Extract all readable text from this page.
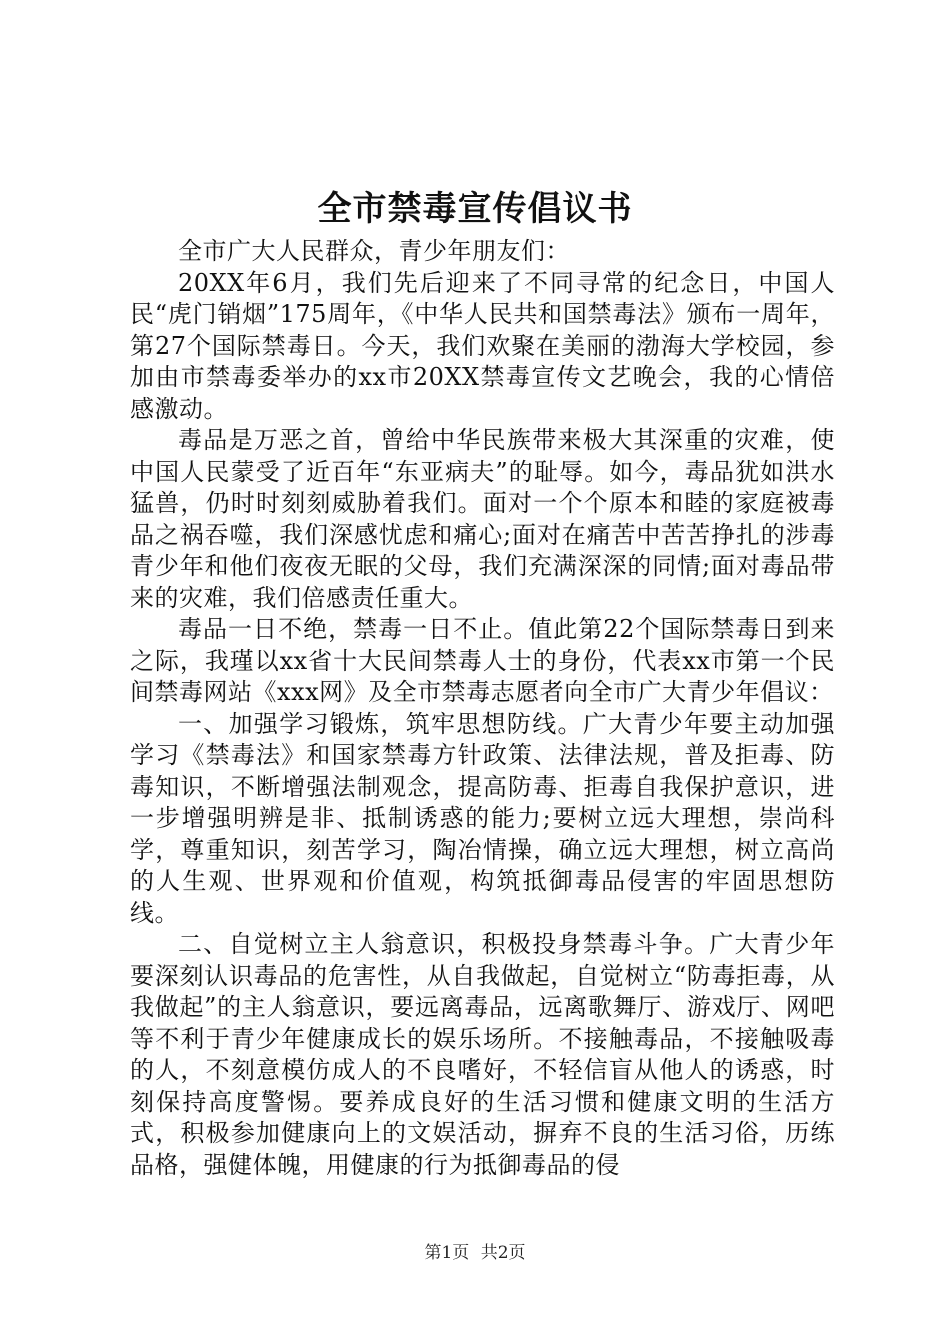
全市禁毒宣传倡议书

全市广大人民群众，青少年朋友们：

20XX年6月，我们先后迎来了不同寻常的纪念日，中国人民“虎门销烟”175周年，《中华人民共和国禁毒法》颁布一周年，第27个国际禁毒日。今天，我们欢聚在美丽的渤海大学校园，参加由市禁毒委举办的xx市20XX禁毒宣传文艺晚会，我的心情倍感激动。

毒品是万恶之首，曾给中华民族带来极大其深重的灾难，使中国人民蒙受了近百年“东亚病夫”的耻辱。如今，毒品犹如洪水猛兽，仍时时刻刻威胁着我们。面对一个个原本和睦的家庭被毒品之祸吞噬，我们深感忧虑和痛心;面对在痛苦中苦苦挣扎的涉毒青少年和他们夜夜无眠的父母，我们充满深深的同情;面对毒品带来的灾难，我们倍感责任重大。

毒品一日不绝，禁毒一日不止。值此第22个国际禁毒日到来之际，我瑾以xx省十大民间禁毒人士的身份，代表xx市第一个民间禁毒网站《xxx网》及全市禁毒志愿者向全市广大青少年倡议：

一、加强学习锻炼，筑牢思想防线。广大青少年要主动加强学习《禁毒法》和国家禁毒方针政策、法律法规，普及拒毒、防毒知识，不断增强法制观念，提高防毒、拒毒自我保护意识，进一步增强明辨是非、抵制诱惑的能力;要树立远大理想，崇尚科学，尊重知识，刻苦学习，陶冶情操，确立远大理想，树立高尚的人生观、世界观和价值观，构筑抵御毒品侵害的牢固思想防线。

二、自觉树立主人翁意识，积极投身禁毒斗争。广大青少年要深刻认识毒品的危害性，从自我做起，自觉树立“防毒拒毒，从我做起”的主人翁意识，要远离毒品，远离歌舞厅、游戏厅、网吧等不利于青少年健康成长的娱乐场所。不接触毒品，不接触吸毒的人，不刻意模仿成人的不良嗜好，不轻信盲从他人的诱惑，时刻保持高度警惕。要养成良好的生活习惯和健康文明的生活方式，积极参加健康向上的文娱活动，摒弃不良的生活习俗，历练品格，强健体魄，用健康的行为抵御毒品的侵

第1页 共2页
